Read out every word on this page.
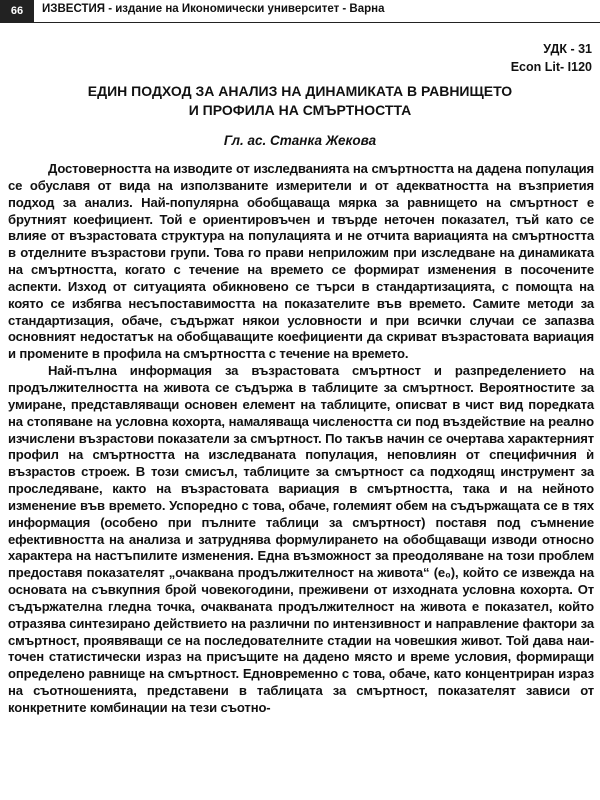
66	ИЗВЕСТИЯ - издание на Икономически университет - Варна
УДК - 31
Econ Lit- I120
ЕДИН ПОДХОД ЗА АНАЛИЗ НА ДИНАМИКАТА В РАВНИЩЕТО
И ПРОФИЛА НА СМЪРТНОСТТА
Гл. ас. Станка Жекова

Достоверността на изводите от изследванията на смъртността на дадена популация се обуславя от вида на използваните измерители и от адекватността на възприетия подход за анализ. Най-популярна обобщаваща мярка за равнището на смъртност е брутният коефициент. Той е ориентировъчен и твърде неточен показател, тъй като се влияе от възрастовата структура на популацията и не отчита вариацията на смъртността в отделните възрастови групи. Това го прави неприложим при изследване на динамиката на смъртността, когато с течение на времето се формират изменения в посочените аспекти. Изход от ситуацията обикновено се търси в стандартизацията, с помощта на която се избягва несъпоставимостта на показателите във времето. Самите методи за стандартизация, обаче, съдържат някои условности и при всички случаи се запазва основният недостатък на обобщаващите коефициенти да скриват възрастовата вариация и промените в профила на смъртността с течение на времето.

Най-пълна информация за възрастовата смъртност и разпределението на продължителността на живота се съдържа в таблиците за смъртност. Вероятностите за умиране, представляващи основен елемент на таблиците, описват в чист вид поредката на стопяване на условна кохорта, намаляваща числеността си под въздействие на реално изчислени възрастови показатели за смъртност. По такъв начин се очертава характерният профил на смъртността на изследваната популация, неповлиян от специфичния ѝ възрастов строеж. В този смисъл, таблиците за смъртност са подходящ инструмент за проследяване, както на възрастовата вариация в смъртността, така и на нейното изменение във времето. Успоредно с това, обаче, големият обем на съдържащата се в тях информация (особено при пълните таблици за смъртност) поставя под съмнение ефективността на анализа и затруднява формулирането на обобщаващи изводи относно характера на настъпилите изменения. Една възможност за преодоляване на този проблем предоставя показателят „очаквана продължителност на живота“ (e₀), който се извежда на основата на съвкупния брой човекогодини, преживени от изходната условна кохорта. От съдържателна гледна точка, очакваната продължителност на живота е показател, който отразява синтезирано действието на различни по интензивност и направление фактори за смъртност, проявяващи се на последователните стадии на човешкия живот. Той дава наи-точен статистически израз на присъщите на дадено място и време условия, формиращи определено равнище на смъртност. Едновременно с това, обаче, като концентриран израз на съотношенията, представени в таблицата за смъртност, показателят зависи от конкретните комбинации на тези съотно-
